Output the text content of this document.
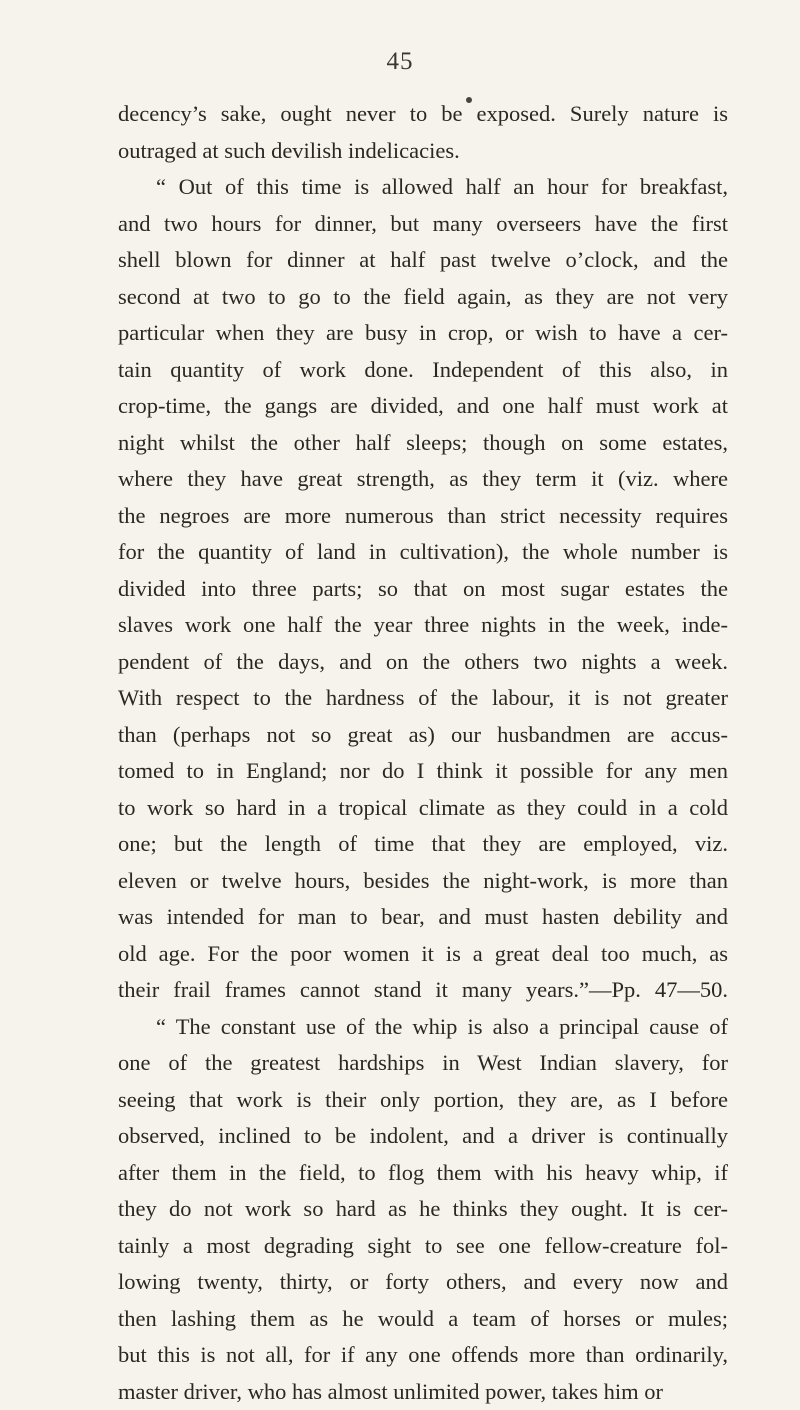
45
decency’s sake, ought never to be exposed. Surely nature is
outraged at such devilish indelicacies.
“ Out of this time is allowed half an hour for breakfast,
and two hours for dinner, but many overseers have the first
shell blown for dinner at half past twelve o’clock, and the
second at two to go to the field again, as they are not very
particular when they are busy in crop, or wish to have a cer-
tain quantity of work done. Independent of this also, in
crop-time, the gangs are divided, and one half must work at
night whilst the other half sleeps; though on some estates,
where they have great strength, as they term it (viz. where
the negroes are more numerous than strict necessity requires
for the quantity of land in cultivation), the whole number is
divided into three parts; so that on most sugar estates the
slaves work one half the year three nights in the week, inde-
pendent of the days, and on the others two nights a week.
With respect to the hardness of the labour, it is not greater
than (perhaps not so great as) our husbandmen are accus-
tomed to in England; nor do I think it possible for any men
to work so hard in a tropical climate as they could in a cold
one; but the length of time that they are employed, viz.
eleven or twelve hours, besides the night-work, is more than
was intended for man to bear, and must hasten debility and
old age. For the poor women it is a great deal too much, as
their frail frames cannot stand it many years.”—Pp. 47—50.
“ The constant use of the whip is also a principal cause of
one of the greatest hardships in West Indian slavery, for
seeing that work is their only portion, they are, as I before
observed, inclined to be indolent, and a driver is continually
after them in the field, to flog them with his heavy whip, if
they do not work so hard as he thinks they ought. It is cer-
tainly a most degrading sight to see one fellow-creature fol-
lowing twenty, thirty, or forty others, and every now and
then lashing them as he would a team of horses or mules;
but this is not all, for if any one offends more than ordinarily,
master driver, who has almost unlimited power, takes him or
